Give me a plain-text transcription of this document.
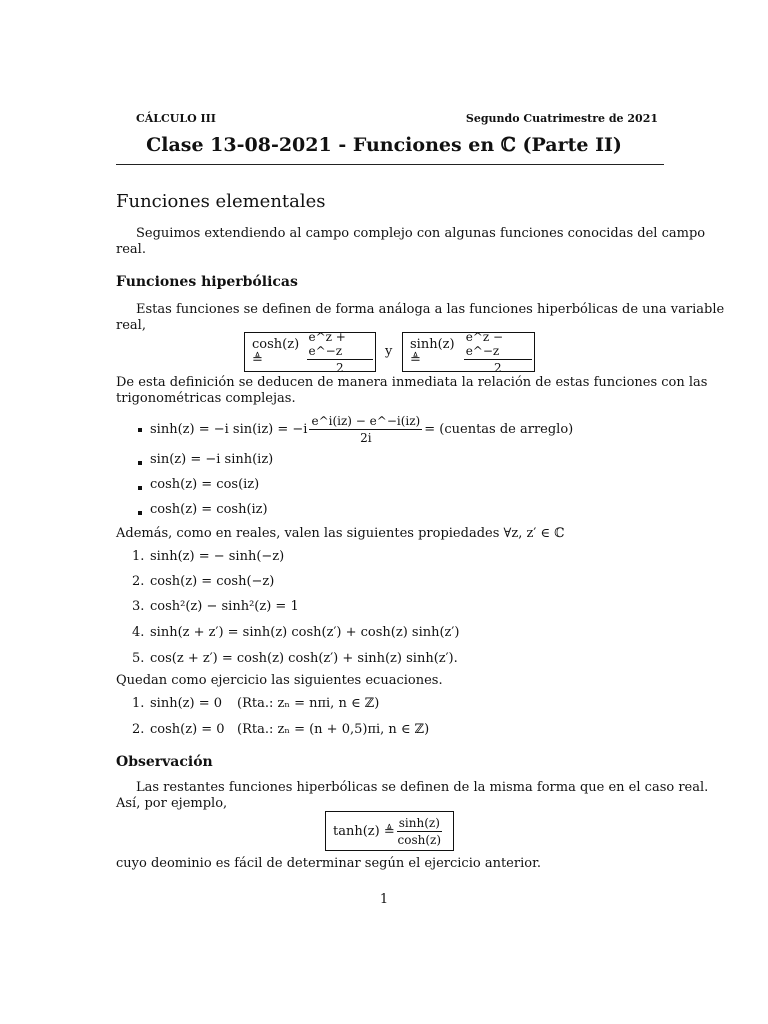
CÁLCULO III	Segundo Cuatrimestre de 2021
Clase 13-08-2021 - Funciones en ℂ (Parte II)
Funciones elementales
Seguimos extendiendo al campo complejo con algunas funciones conocidas del campo
real.
Funciones hiperbólicas
Estas funciones se definen de forma análoga a las funciones hiperbólicas de una variable
real,
cosh(z) ≜	$\frac{e\^{}z + e\^{}-z}{2}$ y sinh(z) ≜	$\frac{e\^{}z - e\^{}-z}{2}$
De esta definición se deducen de manera inmediata la relación de estas funciones con las
trigonométricas complejas.
sinh(z) = −i $\sin(iz) = -i \frac{e\^{}i(iz) - e\^{}-i(iz)}{2i}$ = (cuentas de arreglo)
sin(z) = −i sinh(iz)
cosh(z) = cos(iz)
cosh(z) = cosh(iz)
Además, como en reales, valen las siguientes propiedades ∀z, z′ ∈ ℂ
1. sinh(z) = − sinh(−z)
2. cosh(z) = cosh(−z)
3. cosh²(z) − sinh²(z) = 1
4. sinh(z + z′) = sinh(z) cosh(z′) + cosh(z) sinh(z′)
5. cos(z + z′) = cosh(z) cosh(z′) + sinh(z) sinh(z′).
Quedan como ejercicio las siguientes ecuaciones.
1. sinh(z) = 0 (Rta.: zₙ = nπi, n ∈ ℤ)
2. cosh(z) = 0 (Rta.: zₙ = (n + 0,5)πi, n ∈ ℤ)
Observación
Las restantes funciones hiperbólicas se definen de la misma forma que en el caso real.
Así, por ejemplo,
tanh(z) ≜ $\frac{\sinh(z)}{\cosh(z)}$
cuyo deominio es fácil de determinar según el ejercicio anterior.
1
